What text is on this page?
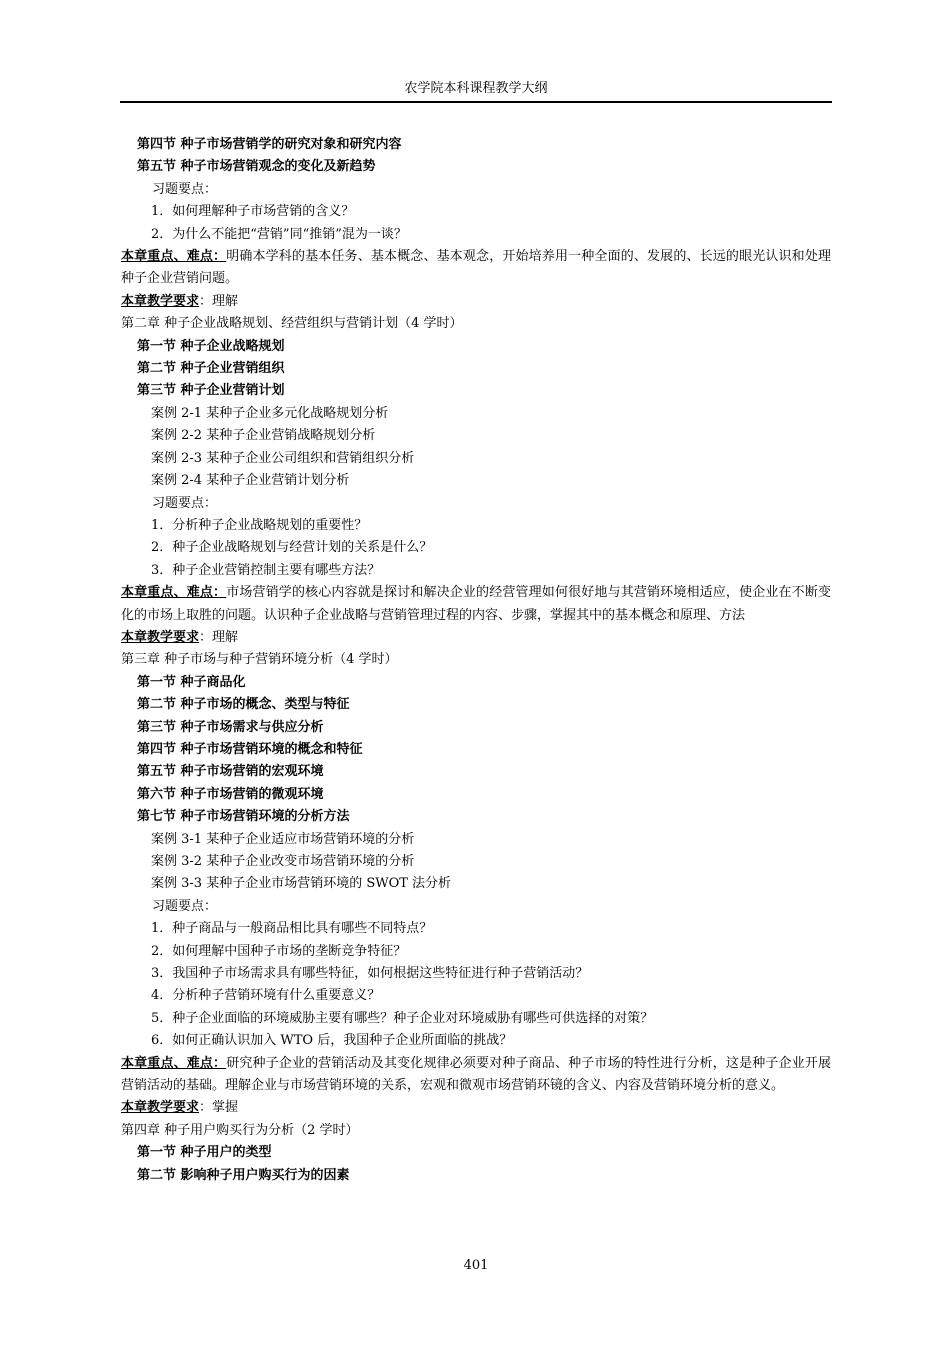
农学院本科课程教学大纲
第四节 种子市场营销学的研究对象和研究内容
第五节 种子市场营销观念的变化及新趋势
习题要点：
1．如何理解种子市场营销的含义？
2．为什么不能把“营销”同“推销”混为一谈？
本章重点、难点：明确本学科的基本任务、基本概念、基本观念，开始培养用一种全面的、发展的、长远的眼光认识和处理种子企业营销问题。
本章教学要求：理解
第二章 种子企业战略规划、经营组织与营销计划（4 学时）
第一节 种子企业战略规划
第二节 种子企业营销组织
第三节 种子企业营销计划
案例 2-1 某种子企业多元化战略规划分析
案例 2-2 某种子企业营销战略规划分析
案例 2-3 某种子企业公司组织和营销组织分析
案例 2-4 某种子企业营销计划分析
习题要点：
1．分析种子企业战略规划的重要性？
2．种子企业战略规划与经营计划的关系是什么？
3．种子企业营销控制主要有哪些方法？
本章重点、难点：市场营销学的核心内容就是探讨和解决企业的经营管理如何很好地与其营销环境相适应，使企业在不断变化的市场上取胜的问题。认识种子企业战略与营销管理过程的内容、步骤，掌握其中的基本概念和原理、方法
本章教学要求：理解
第三章 种子市场与种子营销环境分析（4 学时）
第一节 种子商品化
第二节 种子市场的概念、类型与特征
第三节 种子市场需求与供应分析
第四节 种子市场营销环境的概念和特征
第五节 种子市场营销的宏观环境
第六节 种子市场营销的微观环境
第七节 种子市场营销环境的分析方法
案例 3-1 某种子企业适应市场营销环境的分析
案例 3-2 某种子企业改变市场营销环境的分析
案例 3-3 某种子企业市场营销环境的 SWOT 法分析
习题要点：
1．种子商品与一般商品相比具有哪些不同特点？
2．如何理解中国种子市场的垄断竞争特征？
3．我国种子市场需求具有哪些特征，如何根据这些特征进行种子营销活动？
4．分析种子营销环境有什么重要意义？
5．种子企业面临的环境威胁主要有哪些？种子企业对环境威胁有哪些可供选择的对策？
6．如何正确认识加入 WTO 后，我国种子企业所面临的挑战？
本章重点、难点：研究种子企业的营销活动及其变化规律必须要对种子商品、种子市场的特性进行分析，这是种子企业开展营销活动的基础。理解企业与市场营销环境的关系，宏观和微观市场营销环镜的含义、内容及营销环境分析的意义。
本章教学要求：掌握
第四章 种子用户购买行为分析（2 学时）
第一节 种子用户的类型
第二节 影响种子用户购买行为的因素
401
